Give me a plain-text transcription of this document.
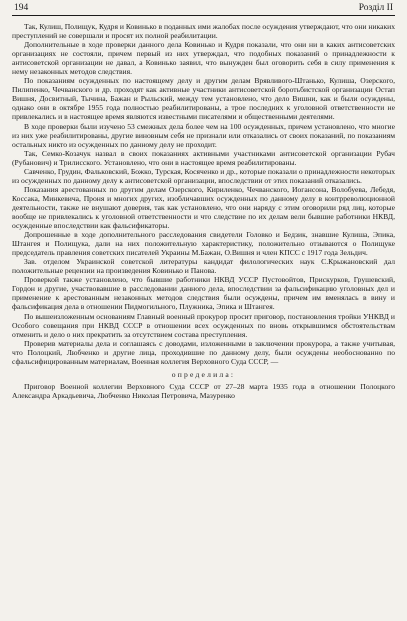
194	Розділ II

Так, Кулиш, Полищук, Кудря и Ковинько в поданных ими жалобах после осуждения утверждают, что они никаких преступлений не совершали и просят их полной реабилитации.

Дополнительные в ходе проверки данного дела Ковинько и Кудря показали, что они ни в каких антисоветских организациях не состояли, причем первый из них утверждал, что подобных показаний о принадлежности к антисоветской организации не давал, а Ковинько заявил, что вынужден был оговорить себя в силу применения к нему незаконных методов следствия.

По показаниям осужденных по настоящему делу и другим делам Врявливого-Штанько, Кулиша, Озерского, Пилипенко, Чечванского и др. проходят как активные участники антисоветской боротьбистской организации Остап Вишня, Досвитный, Тычина, Бажан и Рыльский, между тем установлено, что дело Вишни, как и были осуждены, однако они в октябре 1955 года полностью реабилитированы, а трое последних к уголовной ответственности не привлекались и в настоящее время являются известными писателями и общественными деятелями.

В ходе проверки были изучено 53 смежных дела более чем на 100 осужденных, причем установлено, что многие из них уже реабилитированы, другие виновным себя не признали или отказались от своих показаний, по показаниям остальных никто из осужденных по данному делу не проходит.

Так, Семко-Козачук назвал в своих показаниях активными участниками антисоветской организации Рубач (Рубанович) и Трилисского. Установлено, что они в настоящее время реабилитированы.

Савченко, Грудин, Фальковский, Божко, Турская, Косяченко и др., которые показали о принадлежности некоторых из осужденных по данному делу к антисоветской организации, впоследствии от этих показаний отказались.

Показания арестованных по другим делам Озерского, Кириленко, Чечванского, Иогансона, Волобуева, Лебедя, Коссака, Минкевича, Проня и многих других, изобличавших осужденных по данному делу в контрреволюционной деятельности, также не внушают доверия, так как установлено, что они наряду с этим оговорили ряд лиц, которые вообще не привлекались к уголовной ответственности и что следствие по их делам вели бывшие работники НКВД, осужденные впоследствии как фальсификаторы.

Допрошенные в ходе дополнительного расследования свидетели Головко и Бедзик, знавшие Кулиша, Эпика, Штангея и Полищука, дали на них положительную характеристику, положительно отзываются о Полищуке председатель правления советских писателей Украины М.Бажан, О.Вишня и член КПСС с 1917 года Зельдич.

Зав. отделом Украинской советской литературы кандидат филологических наук С.Крыжановский дал положительные рецензии на произведения Ковинько и Панова.

Проверкой также установлено, что бывшие работники НКВД УССР Пустовойтов, Прискурков, Грушевский, Гордон и другие, участвовавшие в расследовании данного дела, впоследствии за фальсификацию уголовных дел и применение к арестованным незаконных методов следствия были осуждены, причем им вменялась в вину и фальсификация дела в отношении Пидмогильного, Плужника, Эпика и Штангея.

По вышеизложенным основаниям Главный военный прокурор просит приговор, постановления тройки УНКВД и Особого совещания при НКВД СССР в отношении всех осужденных по вновь открывшимся обстоятельствам отменить и дело о них прекратить за отсутствием состава преступления.

Проверив материалы дела и соглашаясь с доводами, изложенными в заключении прокурора, а также учитывая, что Полоцкий, Любченко и другие лица, проходившие по данному делу, были осуждены необоснованно по сфальсифицированным материалам, Военная коллегия Верховного Суда СССР, —

определила:

Приговор Военной коллегии Верховного Суда СССР от 27–28 марта 1935 года в отношении Полоцкого Александра Аркадьевича, Любченко Николая Петровича, Мазуренко
